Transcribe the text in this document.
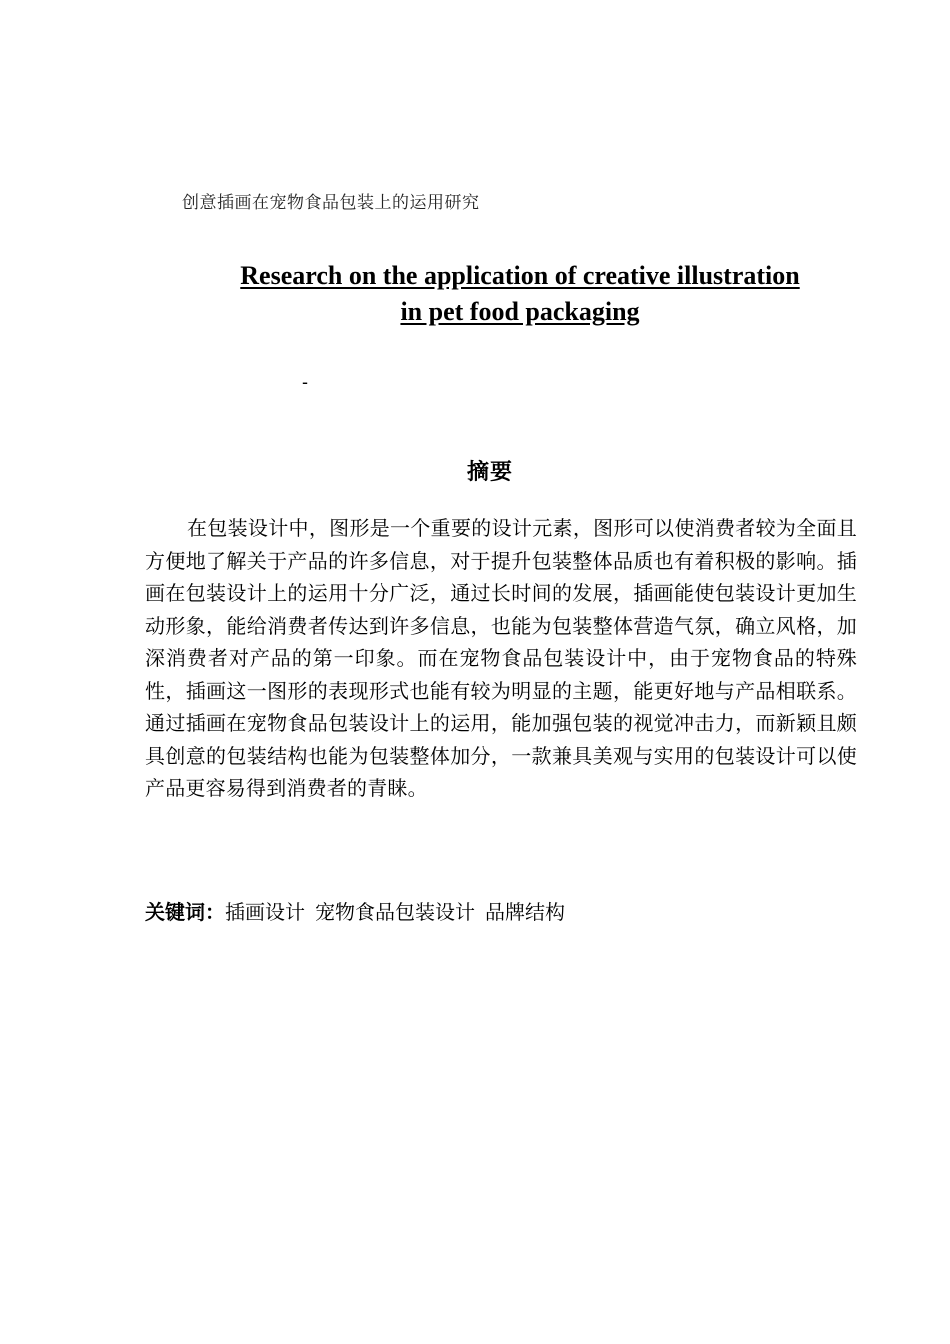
创意插画在宠物食品包装上的运用研究
Research on the application of creative illustration
in pet food packaging
-
摘要
在包装设计中，图形是一个重要的设计元素，图形可以使消费者较为全面且方便地了解关于产品的许多信息，对于提升包装整体品质也有着积极的影响。插画在包装设计上的运用十分广泛，通过长时间的发展，插画能使包装设计更加生动形象，能给消费者传达到许多信息，也能为包装整体营造气氛，确立风格，加深消费者对产品的第一印象。而在宠物食品包装设计中，由于宠物食品的特殊性，插画这一图形的表现形式也能有较为明显的主题，能更好地与产品相联系。通过插画在宠物食品包装设计上的运用，能加强包装的视觉冲击力，而新颖且颇具创意的包装结构也能为包装整体加分，一款兼具美观与实用的包装设计可以使产品更容易得到消费者的青睐。
关键词：插画设计 宠物食品包装设计 品牌结构
